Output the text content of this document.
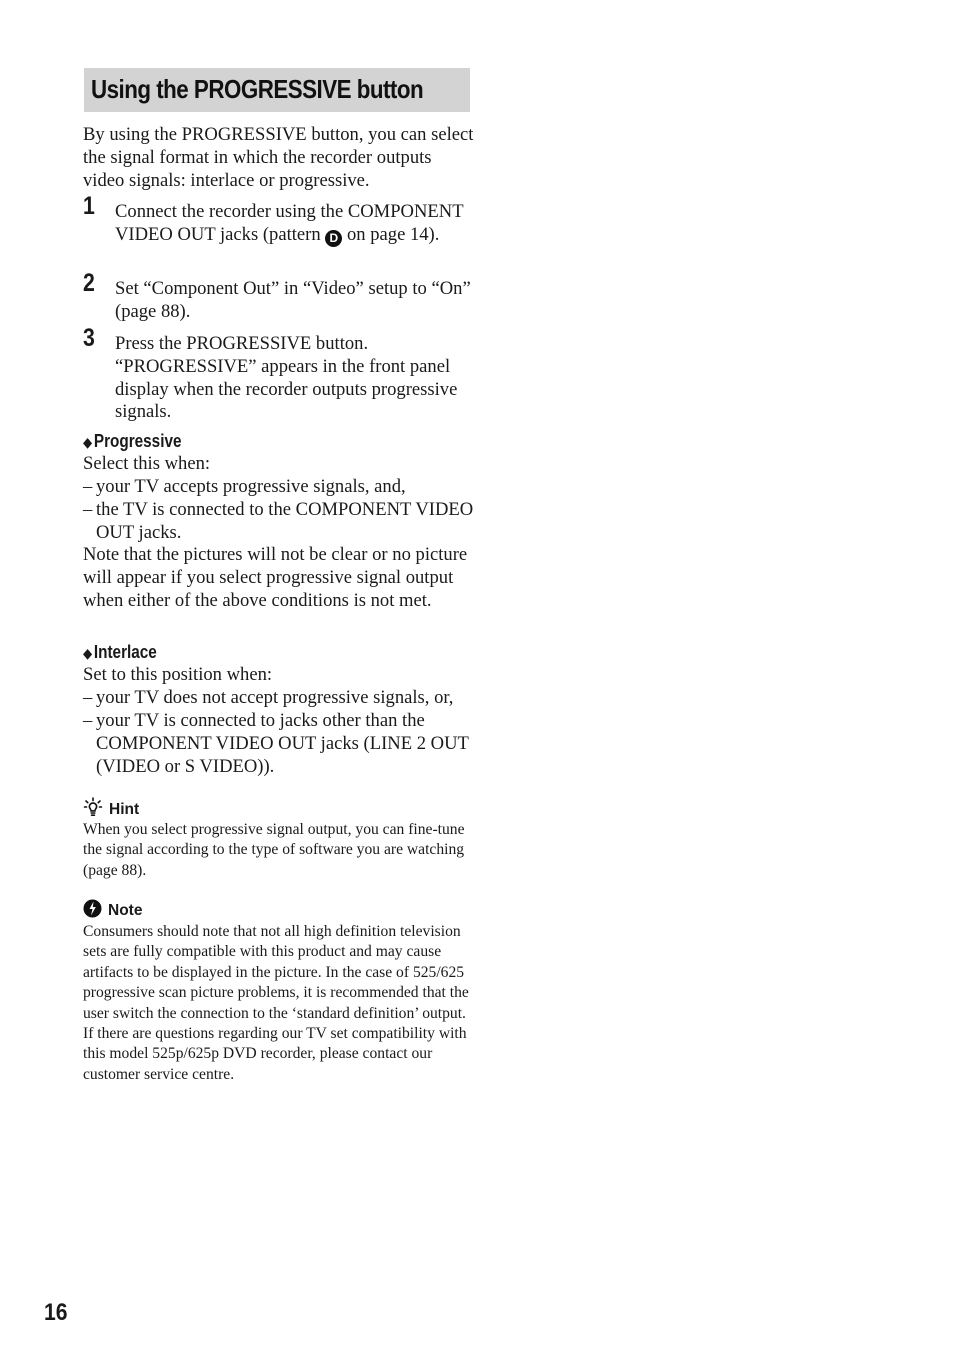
Using the PROGRESSIVE button
By using the PROGRESSIVE button, you can select the signal format in which the recorder outputs video signals: interlace or progressive.
1 Connect the recorder using the COMPONENT VIDEO OUT jacks (pattern D on page 14).
2 Set “Component Out” in “Video” setup to “On” (page 88).
3 Press the PROGRESSIVE button. “PROGRESSIVE” appears in the front panel display when the recorder outputs progressive signals.
◆Progressive
Select this when:
– your TV accepts progressive signals, and,
– the TV is connected to the COMPONENT VIDEO OUT jacks.
Note that the pictures will not be clear or no picture will appear if you select progressive signal output when either of the above conditions is not met.
◆Interlace
Set to this position when:
– your TV does not accept progressive signals, or,
– your TV is connected to jacks other than the COMPONENT VIDEO OUT jacks (LINE 2 OUT (VIDEO or S VIDEO)).
Hint
When you select progressive signal output, you can fine-tune the signal according to the type of software you are watching (page 88).
Note
Consumers should note that not all high definition television sets are fully compatible with this product and may cause artifacts to be displayed in the picture. In the case of 525/625 progressive scan picture problems, it is recommended that the user switch the connection to the ‘standard definition’ output. If there are questions regarding our TV set compatibility with this model 525p/625p DVD recorder, please contact our customer service centre.
16
